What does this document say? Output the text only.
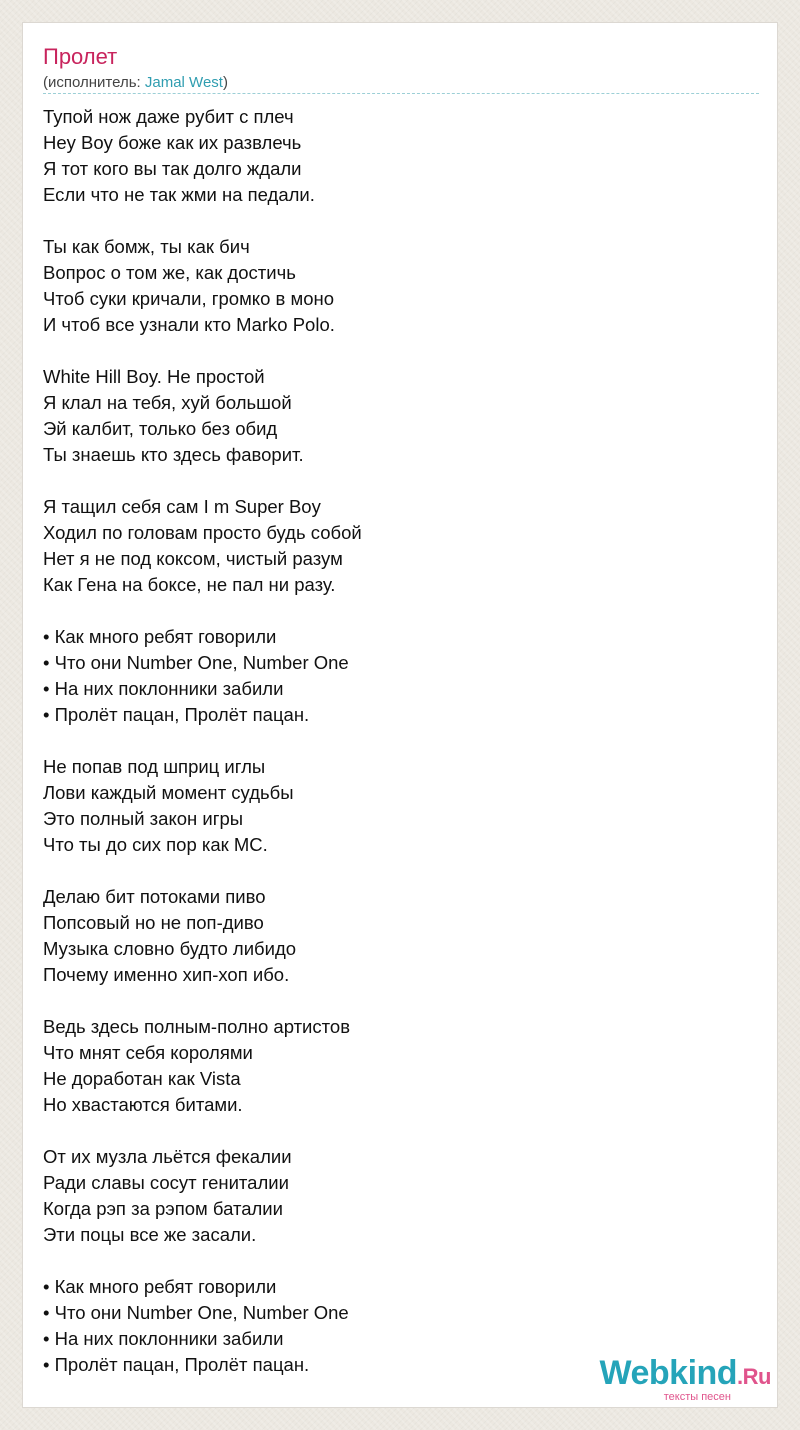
Пролет
(исполнитель: Jamal West)
Тупой нож даже рубит с плеч
Hey Boy боже как их развлечь
Я тот кого вы так долго ждали
Если что не так жми на педали.
Ты как бомж, ты как бич
Вопрос о том же, как достичь
Чтоб суки кричали, громко в моно
И чтоб все узнали кто Marko Polo.
White Hill Boy. Не простой
Я клал на тебя, хуй большой
Эй калбит, только без обид
Ты знаешь кто здесь фаворит.
Я тащил себя сам I m Super Boy
Ходил по головам просто будь собой
Нет я не под коксом, чистый разум
Как Гена на боксе, не пал ни разу.
• Как много ребят говорили
• Что они Number One, Number One
• На них поклонники забили
• Пролёт пацан, Пролёт пацан.
Не попав под шприц иглы
Лови каждый момент судьбы
Это полный закон игры
Что ты до сих пор как MC.
Делаю бит потоками пиво
Попсовый но не поп-диво
Музыка словно будто либидо
Почему именно хип-хоп ибо.
Ведь здесь полным-полно артистов
Что мнят себя королями
Не доработан как Vista
Но хвастаются битами.
От их музла льётся фекалии
Ради славы сосут гениталии
Когда рэп за рэпом баталии
Эти поцы все же засали.
• Как много ребят говорили
• Что они Number One, Number One
• На них поклонники забили
• Пролёт пацан, Пролёт пацан.	Webkind.Ru
тексты песен
